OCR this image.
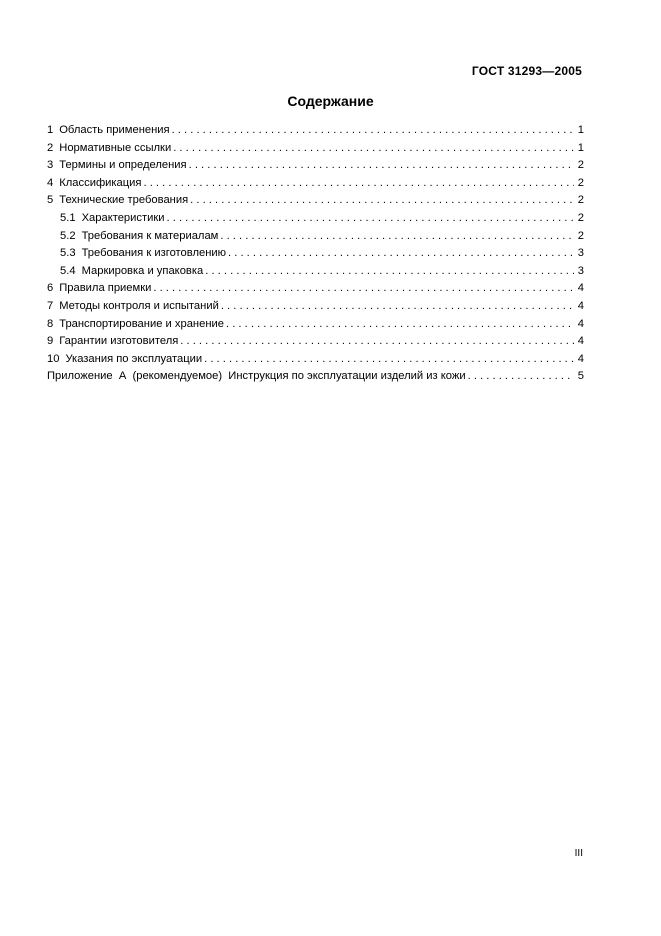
ГОСТ 31293—2005
Содержание
1 Область применения . . .	1
2 Нормативные ссылки . . .	1
3 Термины и определения . . .	2
4 Классификация . . .	2
5 Технические требования . . .	2
5.1 Характеристики . . .	2
5.2 Требования к материалам . . .	2
5.3 Требования к изготовлению . . .	3
5.4 Маркировка и упаковка . . .	3
6 Правила приемки . . .	4
7 Методы контроля и испытаний . . .	4
8 Транспортирование и хранение . . .	4
9 Гарантии изготовителя . . .	4
10 Указания по эксплуатации . . .	4
Приложение  А  (рекомендуемое)  Инструкция по эксплуатации изделий из кожи . . .	5
III
